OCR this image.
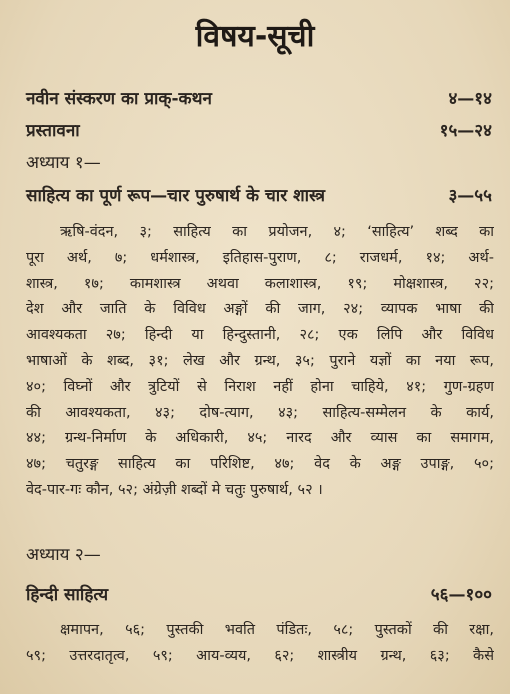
विषय-सूची
नवीन संस्करण का प्राक्-कथन	४—१४
प्रस्तावना	१५—२४
अध्याय १—
साहित्य का पूर्ण रूप—चार पुरुषार्थ के चार शास्त्र	३—५५
ऋषि-वंदन, ३; साहित्य का प्रयोजन, ४; ‘साहित्य’ शब्द का
पूरा अर्थ, ७; धर्मशास्त्र, इतिहास-पुराण, ८; राजधर्म, १४; अर्थ-
शास्त्र, १७; कामशास्त्र अथवा कलाशास्त्र, १९; मोक्षशास्त्र, २२;
देश और जाति के विविध अङ्गों की जाग, २४; व्यापक भाषा की
आवश्यकता २७; हिन्दी या हिन्दुस्तानी, २८; एक लिपि और विविध
भाषाओं के शब्द, ३१; लेख और ग्रन्थ, ३५; पुराने यज्ञों का नया रूप,
४०; विघ्नों और त्रुटियों से निराश नहीं होना चाहिये, ४१; गुण-ग्रहण
की आवश्यकता, ४३; दोष-त्याग, ४३; साहित्य-सम्मेलन के कार्य,
४४; ग्रन्थ-निर्माण के अधिकारी, ४५; नारद और व्यास का समागम,
४७; चतुरङ्ग साहित्य का परिशिष्ट, ४७; वेद के अङ्ग उपाङ्ग, ५०;
वेद-पार-गः कौन, ५२; अंग्रेज़ी शब्दों मे चतुः पुरुषार्थ, ५२ ।
अध्याय २—
हिन्दी साहित्य	५६—१००
क्षमापन, ५६; पुस्तकी भवति पंडितः, ५८; पुस्तकों की रक्षा,
५९; उत्तरदातृत्व, ५९; आय-व्यय, ६२; शास्त्रीय ग्रन्थ, ६३; कैसे
